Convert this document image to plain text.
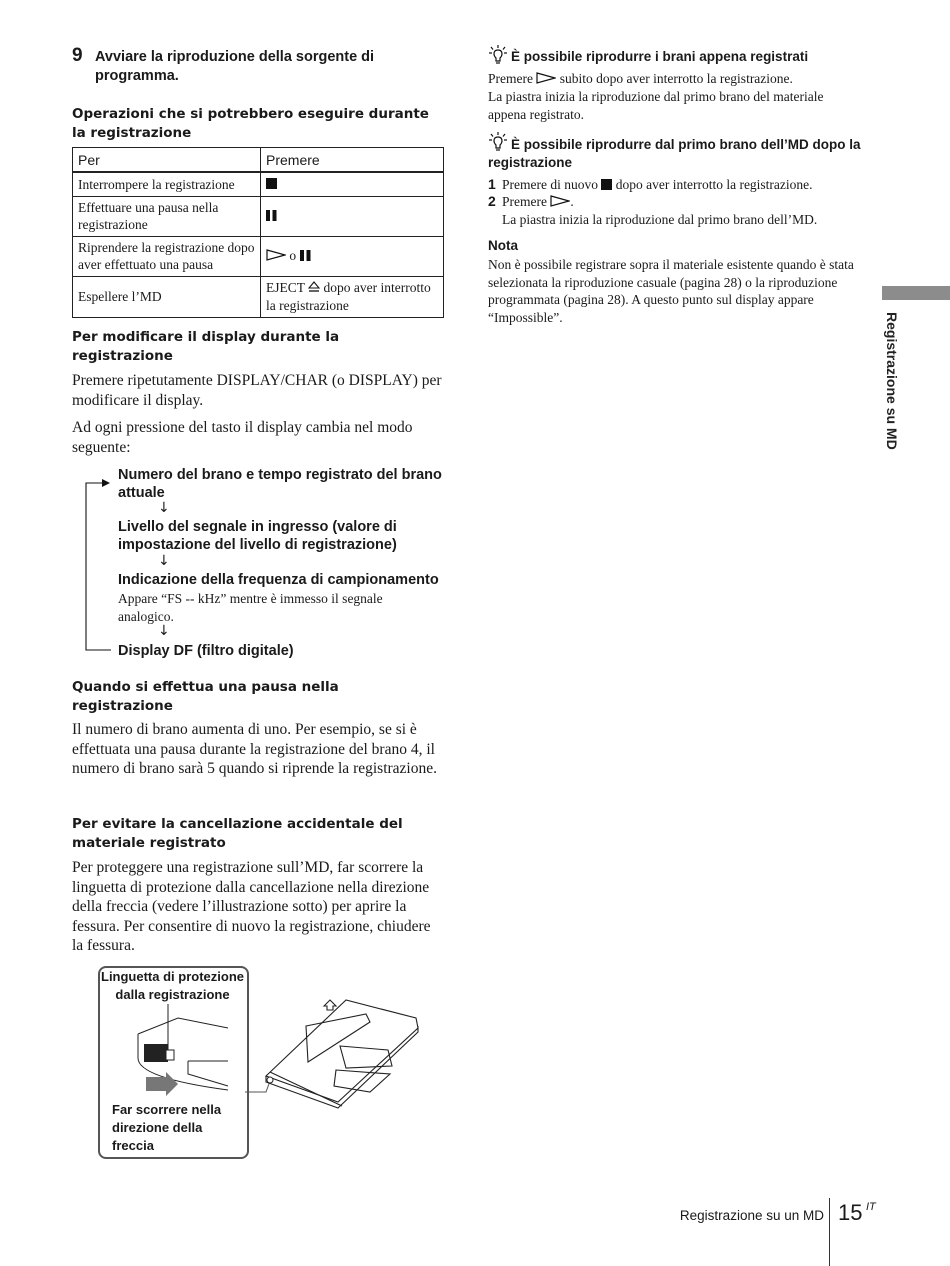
9 Avviare la riproduzione della sorgente di programma.
Operazioni che si potrebbero eseguire durante la registrazione
Per	Premere
Interrompere la registrazione	
Effettuare una pausa nella registrazione	
Riprendere la registrazione dopo aver effettuato una pausa	o
Espellere l’MD	EJECT dopo aver interrotto la registrazione
Per modificare il display durante la registrazione
Premere ripetutamente DISPLAY/CHAR (o DISPLAY) per modificare il display.
Ad ogni pressione del tasto il display cambia nel modo seguente:
Numero del brano e tempo registrato del brano attuale
↓
Livello del segnale in ingresso (valore di impostazione del livello di registrazione)
↓
Indicazione della frequenza di campionamento
Appare “FS -- kHz” mentre è immesso il segnale analogico.
↓
Display DF (filtro digitale)
Quando si effettua una pausa nella registrazione
Il numero di brano aumenta di uno. Per esempio, se si è effettuata una pausa durante la registrazione del brano 4, il numero di brano sarà 5 quando si riprende la registrazione.
Per evitare la cancellazione accidentale del materiale registrato
Per proteggere una registrazione sull’MD, far scorrere la linguetta di protezione dalla cancellazione nella direzione della freccia (vedere l’illustrazione sotto) per aprire la fessura. Per consentire di nuovo la registrazione, chiudere la fessura.
Linguetta di protezione
dalla registrazione
Far scorrere nella
direzione della
freccia
È possibile riprodurre i brani appena registrati
Premere subito dopo aver interrotto la registrazione.
La piastra inizia la riproduzione dal primo brano del materiale appena registrato.
È possibile riprodurre dal primo brano dell’MD dopo la registrazione
1 Premere di nuovo dopo aver interrotto la registrazione.
2 Premere .
La piastra inizia la riproduzione dal primo brano dell’MD.
Nota
Non è possibile registrare sopra il materiale esistente quando è stata selezionata la riproduzione casuale (pagina 28) o la riproduzione programmata (pagina 28). A questo punto sul display appare “Impossible”.	Registrazione su MD
Registrazione su un MD 15 IT
